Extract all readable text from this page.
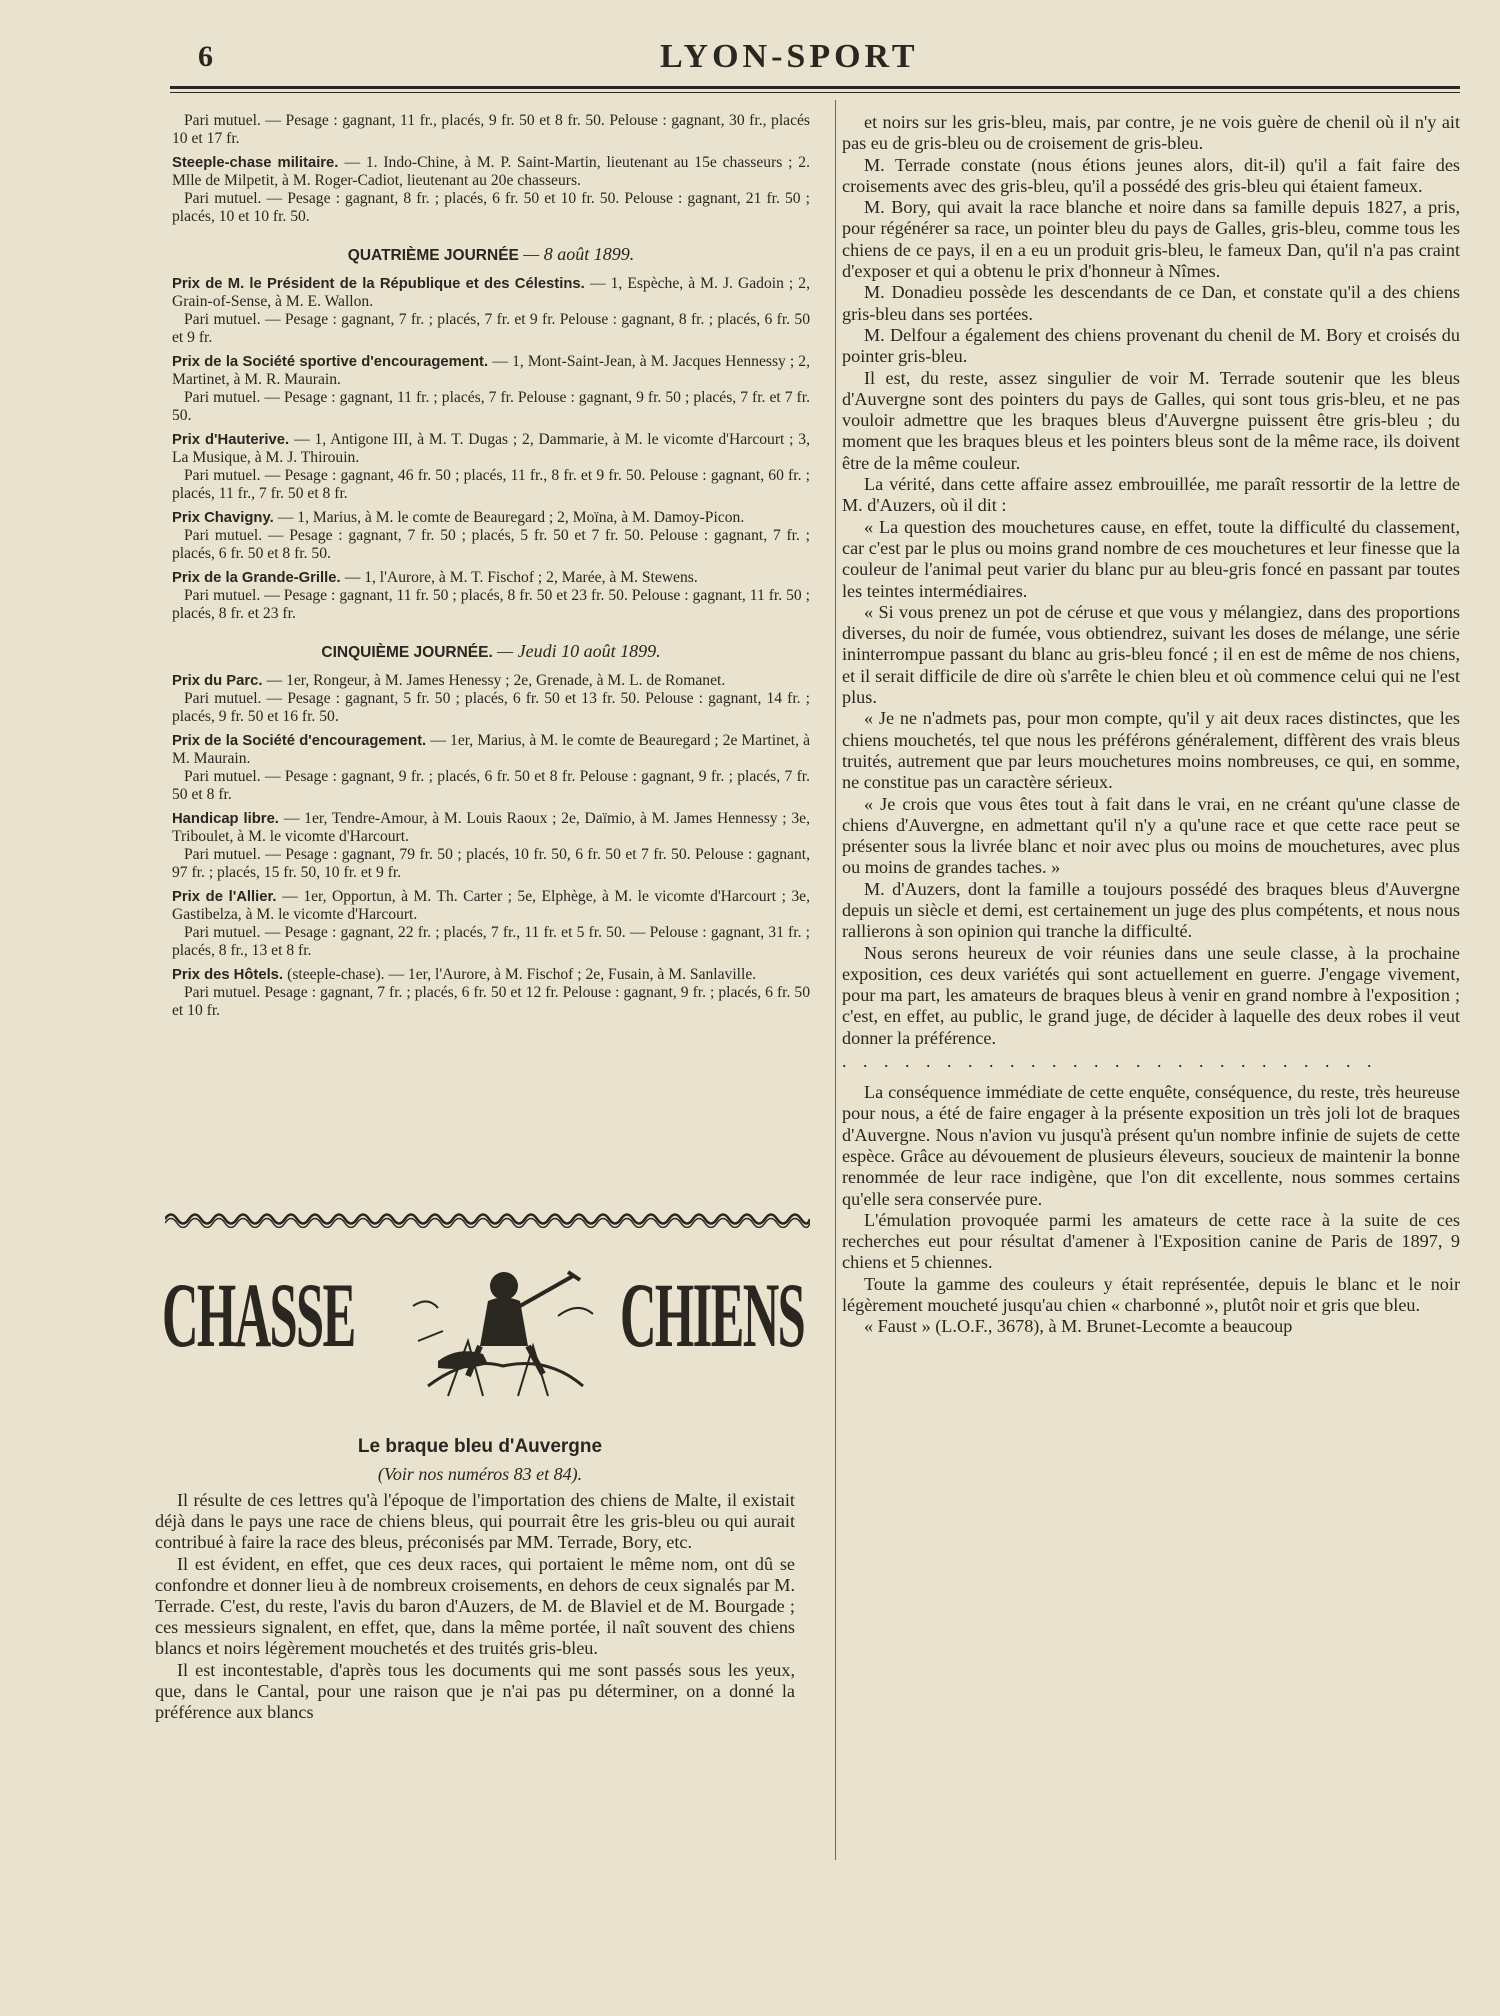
6	LYON-SPORT

Pari mutuel. — Pesage : gagnant, 11 fr., placés, 9 fr. 50 et 8 fr. 50. Pelouse : gagnant, 30 fr., placés 10 et 17 fr.

Steeple-chase militaire. — 1. Indo-Chine, à M. P. Saint-Martin, lieutenant au 15e chasseurs ; 2. Mlle de Milpetit, à M. Roger-Cadiot, lieutenant au 20e chasseurs.
Pari mutuel. — Pesage : gagnant, 8 fr. ; placés, 6 fr. 50 et 10 fr. 50. Pelouse : gagnant, 21 fr. 50 ; placés, 10 et 10 fr. 50.

QUATRIÈME JOURNÉE — 8 août 1899.

Prix de M. le Président de la République et des Célestins. — 1, Espèche, à M. J. Gadoin ; 2, Grain-of-Sense, à M. E. Wallon.
Pari mutuel. — Pesage : gagnant, 7 fr. ; placés, 7 fr. et 9 fr. Pelouse : gagnant, 8 fr. ; placés, 6 fr. 50 et 9 fr.

Prix de la Société sportive d'encouragement. — 1, Mont-Saint-Jean, à M. Jacques Hennessy ; 2, Martinet, à M. R. Maurain.
Pari mutuel. — Pesage : gagnant, 11 fr. ; placés, 7 fr. Pelouse : gagnant, 9 fr. 50 ; placés, 7 fr. et 7 fr. 50.

Prix d'Hauterive. — 1, Antigone III, à M. T. Dugas ; 2, Dammarie, à M. le vicomte d'Harcourt ; 3, La Musique, à M. J. Thirouin.
Pari mutuel. — Pesage : gagnant, 46 fr. 50 ; placés, 11 fr., 8 fr. et 9 fr. 50. Pelouse : gagnant, 60 fr. ; placés, 11 fr., 7 fr. 50 et 8 fr.

Prix Chavigny. — 1, Marius, à M. le comte de Beauregard ; 2, Moïna, à M. Damoy-Picon.
Pari mutuel. — Pesage : gagnant, 7 fr. 50 ; placés, 5 fr. 50 et 7 fr. 50. Pelouse : gagnant, 7 fr. ; placés, 6 fr. 50 et 8 fr. 50.

Prix de la Grande-Grille. — 1, l'Aurore, à M. T. Fischof ; 2, Marée, à M. Stewens.
Pari mutuel. — Pesage : gagnant, 11 fr. 50 ; placés, 8 fr. 50 et 23 fr. 50. Pelouse : gagnant, 11 fr. 50 ; placés, 8 fr. et 23 fr.

CINQUIÈME JOURNÉE. — Jeudi 10 août 1899.

Prix du Parc. — 1er, Rongeur, à M. James Henessy ; 2e, Grenade, à M. L. de Romanet.
Pari mutuel. — Pesage : gagnant, 5 fr. 50 ; placés, 6 fr. 50 et 13 fr. 50. Pelouse : gagnant, 14 fr. ; placés, 9 fr. 50 et 16 fr. 50.

Prix de la Société d'encouragement. — 1er, Marius, à M. le comte de Beauregard ; 2e Martinet, à M. Maurain.
Pari mutuel. — Pesage : gagnant, 9 fr. ; placés, 6 fr. 50 et 8 fr. Pelouse : gagnant, 9 fr. ; placés, 7 fr. 50 et 8 fr.

Handicap libre. — 1er, Tendre-Amour, à M. Louis Raoux ; 2e, Daïmio, à M. James Hennessy ; 3e, Triboulet, à M. le vicomte d'Harcourt.
Pari mutuel. — Pesage : gagnant, 79 fr. 50 ; placés, 10 fr. 50, 6 fr. 50 et 7 fr. 50. Pelouse : gagnant, 97 fr. ; placés, 15 fr. 50, 10 fr. et 9 fr.

Prix de l'Allier. — 1er, Opportun, à M. Th. Carter ; 5e, Elphège, à M. le vicomte d'Harcourt ; 3e, Gastibelza, à M. le vicomte d'Harcourt.
Pari mutuel. — Pesage : gagnant, 22 fr. ; placés, 7 fr., 11 fr. et 5 fr. 50. — Pelouse : gagnant, 31 fr. ; placés, 8 fr., 13 et 8 fr.

Prix des Hôtels. (steeple-chase). — 1er, l'Aurore, à M. Fischof ; 2e, Fusain, à M. Sanlaville.
Pari mutuel. Pesage : gagnant, 7 fr. ; placés, 6 fr. 50 et 12 fr. Pelouse : gagnant, 9 fr. ; placés, 6 fr. 50 et 10 fr.

CHASSE	CHIENS
Le braque bleu d'Auvergne
(Voir nos numéros 83 et 84).

Il résulte de ces lettres qu'à l'époque de l'importation des chiens de Malte, il existait déjà dans le pays une race de chiens bleus, qui pourrait être les gris-bleu ou qui aurait contribué à faire la race des bleus, préconisés par MM. Terrade, Bory, etc.

Il est évident, en effet, que ces deux races, qui portaient le même nom, ont dû se confondre et donner lieu à de nombreux croisements, en dehors de ceux signalés par M. Terrade. C'est, du reste, l'avis du baron d'Auzers, de M. de Blaviel et de M. Bourgade ; ces messieurs signalent, en effet, que, dans la même portée, il naît souvent des chiens blancs et noirs légèrement mouchetés et des truités gris-bleu.

Il est incontestable, d'après tous les documents qui me sont passés sous les yeux, que, dans le Cantal, pour une raison que je n'ai pas pu déterminer, on a donné la préférence aux blancs

et noirs sur les gris-bleu, mais, par contre, je ne vois guère de chenil où il n'y ait pas eu de gris-bleu ou de croisement de gris-bleu.

M. Terrade constate (nous étions jeunes alors, dit-il) qu'il a fait faire des croisements avec des gris-bleu, qu'il a possédé des gris-bleu qui étaient fameux.

M. Bory, qui avait la race blanche et noire dans sa famille depuis 1827, a pris, pour régénérer sa race, un pointer bleu du pays de Galles, gris-bleu, comme tous les chiens de ce pays, il en a eu un produit gris-bleu, le fameux Dan, qu'il n'a pas craint d'exposer et qui a obtenu le prix d'honneur à Nîmes.

M. Donadieu possède les descendants de ce Dan, et constate qu'il a des chiens gris-bleu dans ses portées.

M. Delfour a également des chiens provenant du chenil de M. Bory et croisés du pointer gris-bleu.

Il est, du reste, assez singulier de voir M. Terrade soutenir que les bleus d'Auvergne sont des pointers du pays de Galles, qui sont tous gris-bleu, et ne pas vouloir admettre que les braques bleus d'Auvergne puissent être gris-bleu ; du moment que les braques bleus et les pointers bleus sont de la même race, ils doivent être de la même couleur.

La vérité, dans cette affaire assez embrouillée, me paraît ressortir de la lettre de M. d'Auzers, où il dit :

« La question des mouchetures cause, en effet, toute la difficulté du classement, car c'est par le plus ou moins grand nombre de ces mouchetures et leur finesse que la couleur de l'animal peut varier du blanc pur au bleu-gris foncé en passant par toutes les teintes intermédiaires.

« Si vous prenez un pot de céruse et que vous y mélangiez, dans des proportions diverses, du noir de fumée, vous obtiendrez, suivant les doses de mélange, une série ininterrompue passant du blanc au gris-bleu foncé ; il en est de même de nos chiens, et il serait difficile de dire où s'arrête le chien bleu et où commence celui qui ne l'est plus.

« Je ne n'admets pas, pour mon compte, qu'il y ait deux races distinctes, que les chiens mouchetés, tel que nous les préférons généralement, diffèrent des vrais bleus truités, autrement que par leurs mouchetures moins nombreuses, ce qui, en somme, ne constitue pas un caractère sérieux.

« Je crois que vous êtes tout à fait dans le vrai, en ne créant qu'une classe de chiens d'Auvergne, en admettant qu'il n'y a qu'une race et que cette race peut se présenter sous la livrée blanc et noir avec plus ou moins de mouchetures, avec plus ou moins de grandes taches. »

M. d'Auzers, dont la famille a toujours possédé des braques bleus d'Auvergne depuis un siècle et demi, est certainement un juge des plus compétents, et nous nous rallierons à son opinion qui tranche la difficulté.

Nous serons heureux de voir réunies dans une seule classe, à la prochaine exposition, ces deux variétés qui sont actuellement en guerre. J'engage vivement, pour ma part, les amateurs de braques bleus à venir en grand nombre à l'exposition ; c'est, en effet, au public, le grand juge, de décider à laquelle des deux robes il veut donner la préférence.

. . . . . . . . . . . . . . . . . . . . . . . . . .

La conséquence immédiate de cette enquête, conséquence, du reste, très heureuse pour nous, a été de faire engager à la présente exposition un très joli lot de braques d'Auvergne. Nous n'avion vu jusqu'à présent qu'un nombre infinie de sujets de cette espèce. Grâce au dévouement de plusieurs éleveurs, soucieux de maintenir la bonne renommée de leur race indigène, que l'on dit excellente, nous sommes certains qu'elle sera conservée pure.

L'émulation provoquée parmi les amateurs de cette race à la suite de ces recherches eut pour résultat d'amener à l'Exposition canine de Paris de 1897, 9 chiens et 5 chiennes.

Toute la gamme des couleurs y était représentée, depuis le blanc et le noir légèrement moucheté jusqu'au chien « charbonné », plutôt noir et gris que bleu.

« Faust » (L.O.F., 3678), à M. Brunet-Lecomte a beaucoup
